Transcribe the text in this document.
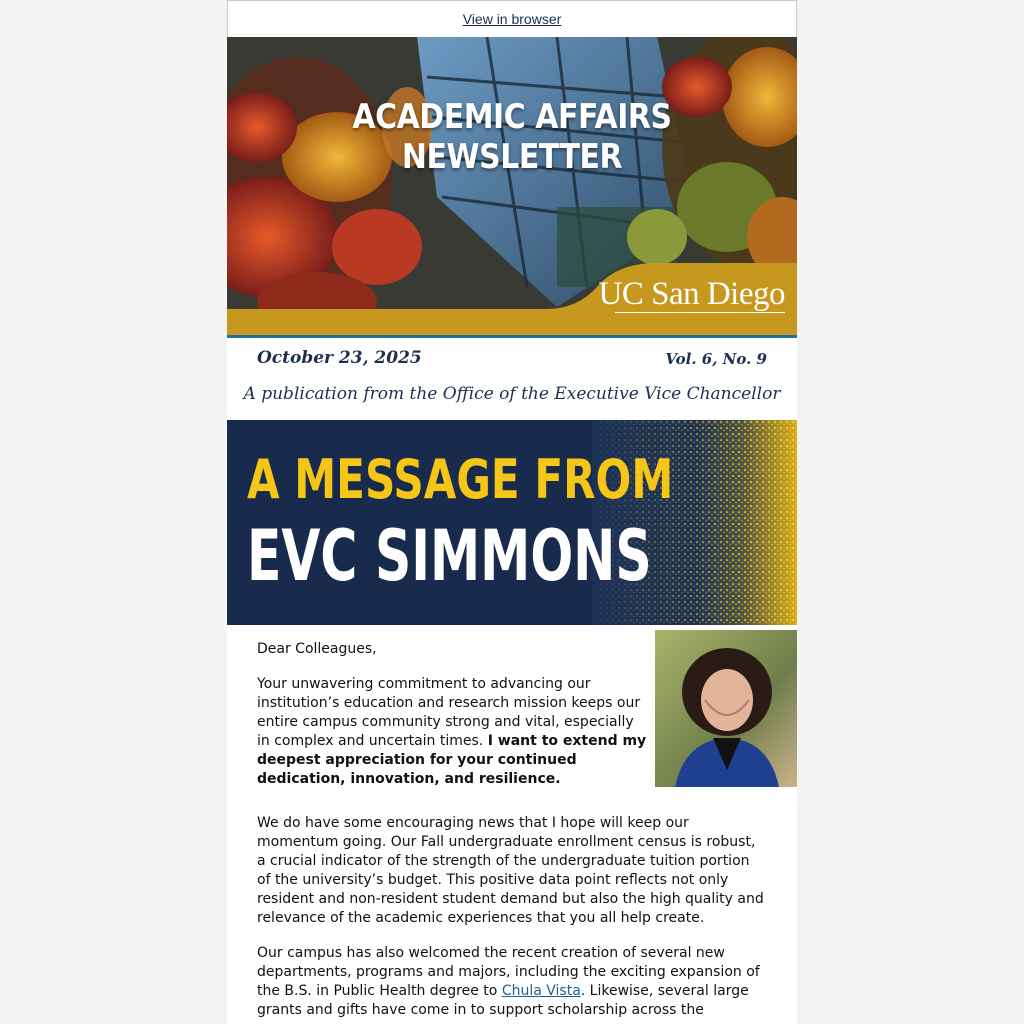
View in browser
ACADEMIC AFFAIRS NEWSLETTER
UC San Diego
October 23, 2025	Vol. 6, No. 9
A publication from the Office of the Executive Vice Chancellor
A MESSAGE FROM
EVC SIMMONS

Dear Colleagues,

Your unwavering commitment to advancing our institution’s education and research mission keeps our entire campus community strong and vital, especially in complex and uncertain times. I want to extend my deepest appreciation for your continued dedication, innovation, and resilience.

We do have some encouraging news that I hope will keep our momentum going. Our Fall undergraduate enrollment census is robust, a crucial indicator of the strength of the undergraduate tuition portion of the university’s budget. This positive data point reflects not only resident and non-resident student demand but also the high quality and relevance of the academic experiences that you all help create.

Our campus has also welcomed the recent creation of several new departments, programs and majors, including the exciting expansion of the B.S. in Public Health degree to Chula Vista. Likewise, several large grants and gifts have come in to support scholarship across the
